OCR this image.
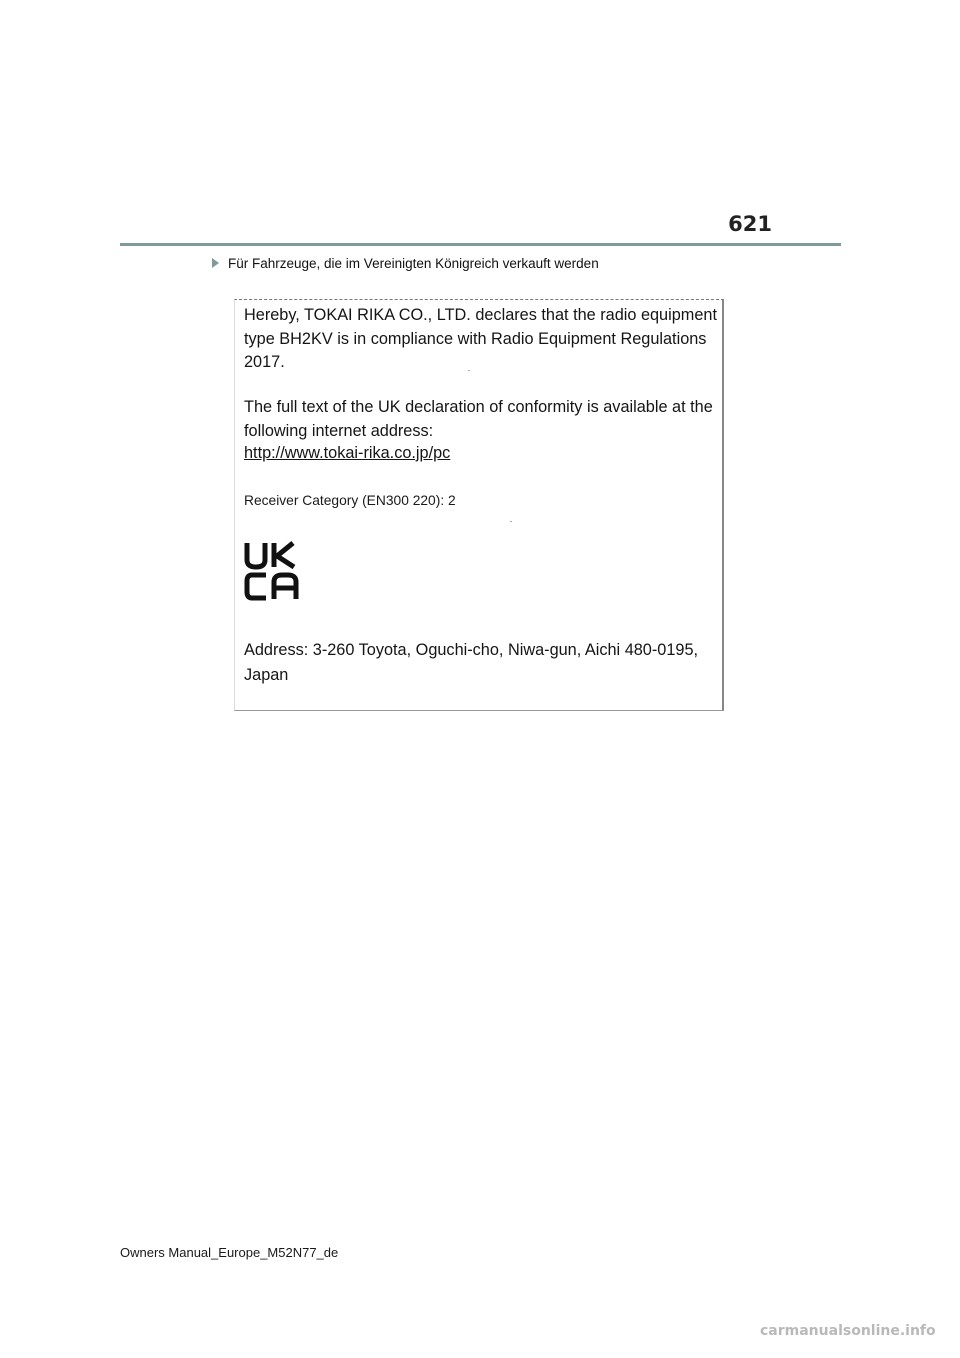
621
Für Fahrzeuge, die im Vereinigten Königreich verkauft werden

Hereby, TOKAI RIKA CO., LTD. declares that the radio equipment type BH2KV is in compliance with Radio Equipment Regulations 2017.

The full text of the UK declaration of conformity is available at the following internet address:

http://www.tokai-rika.co.jp/pc
Receiver Category (EN300 220): 2

Address: 3-260 Toyota, Oguchi-cho, Niwa-gun, Aichi 480-0195, Japan

Owners Manual_Europe_M52N77_de
carmanualsonline.info
